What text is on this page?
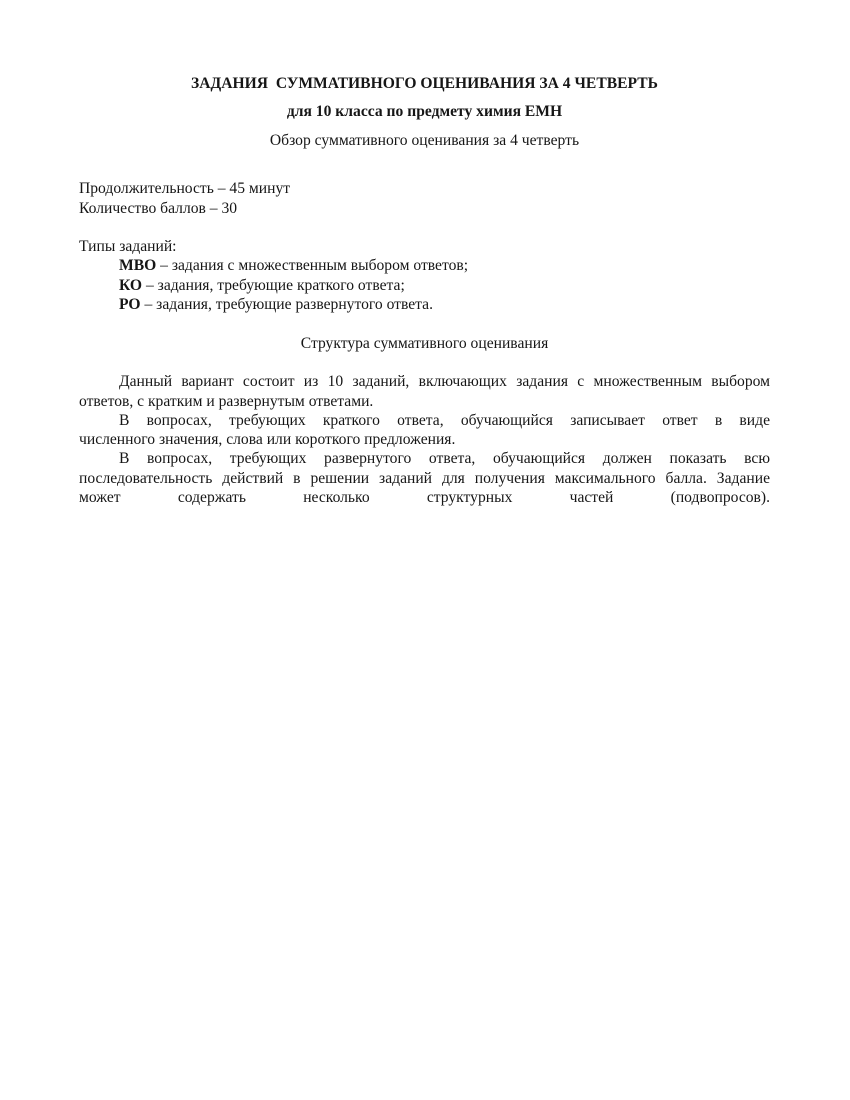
ЗАДАНИЯ  СУММАТИВНОГО ОЦЕНИВАНИЯ ЗА 4 ЧЕТВЕРТЬ
для 10 класса по предмету химия ЕМН
Обзор суммативного оценивания за 4 четверть
Продолжительность – 45 минут
Количество баллов – 30
Типы заданий:
МВО – задания с множественным выбором ответов;
КО – задания, требующие краткого ответа;
РО – задания, требующие развернутого ответа.
Структура суммативного оценивания
Данный вариант состоит из 10 заданий, включающих задания с множественным выбором
ответов, с кратким и развернутым ответами.
В вопросах, требующих краткого ответа, обучающийся записывает ответ в виде
численного значения, слова или короткого предложения.
В вопросах, требующих развернутого ответа, обучающийся должен показать всю
последовательность действий в решении заданий для получения максимального балла. Задание
может содержать несколько структурных частей (подвопросов).
